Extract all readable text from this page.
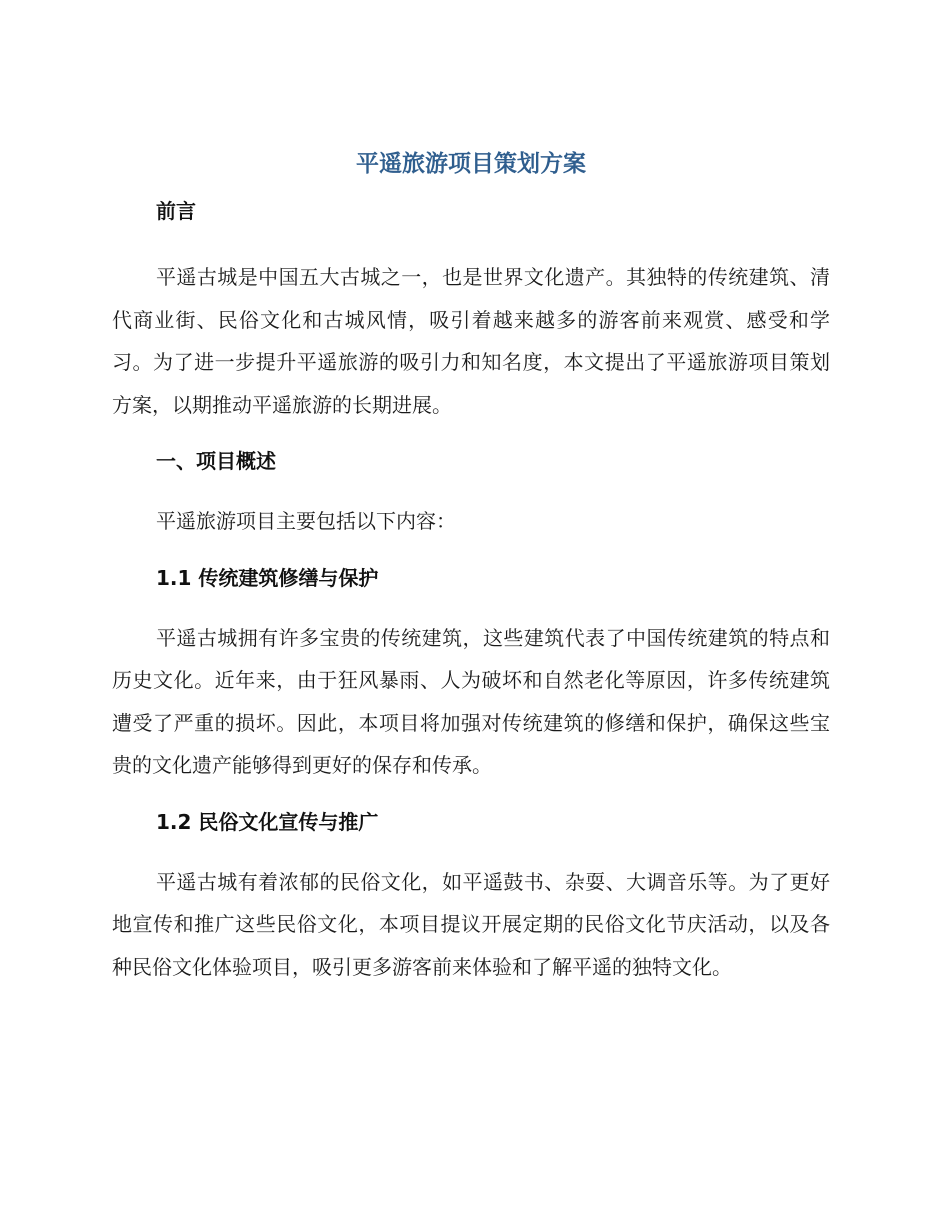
平遥旅游项目策划方案
前言

平遥古城是中国五大古城之一，也是世界文化遗产。其独特的传统建筑、清代商业街、民俗文化和古城风情，吸引着越来越多的游客前来观赏、感受和学习。为了进一步提升平遥旅游的吸引力和知名度，本文提出了平遥旅游项目策划方案，以期推动平遥旅游的长期进展。

一、项目概述

平遥旅游项目主要包括以下内容：

1.1 传统建筑修缮与保护

平遥古城拥有许多宝贵的传统建筑，这些建筑代表了中国传统建筑的特点和历史文化。近年来，由于狂风暴雨、人为破坏和自然老化等原因，许多传统建筑遭受了严重的损坏。因此，本项目将加强对传统建筑的修缮和保护，确保这些宝贵的文化遗产能够得到更好的保存和传承。

1.2 民俗文化宣传与推广

平遥古城有着浓郁的民俗文化，如平遥鼓书、杂耍、大调音乐等。为了更好地宣传和推广这些民俗文化，本项目提议开展定期的民俗文化节庆活动，以及各种民俗文化体验项目，吸引更多游客前来体验和了解平遥的独特文化。
